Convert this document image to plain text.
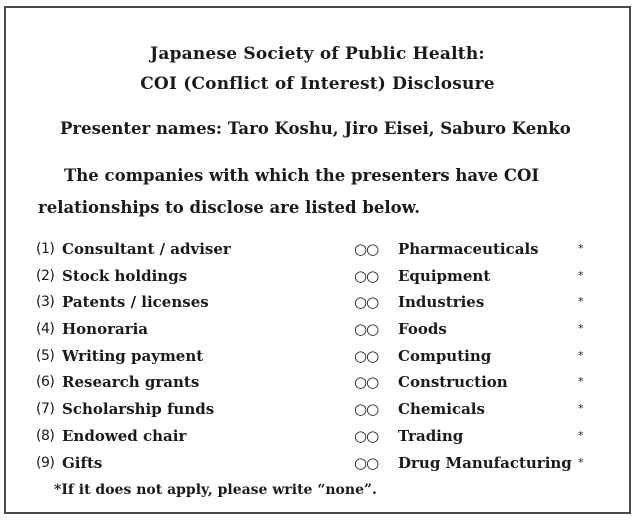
Japanese Society of Public Health:
COI (Conflict of Interest) Disclosure
Presenter names: Taro Koshu, Jiro Eisei, Saburo Kenko
The companies with which the presenters have COI
relationships to disclose are listed below.
(1) Consultant / adviser	○○ Pharmaceuticals	*
(2) Stock holdings	○○ Equipment	*
(3) Patents / licenses	○○ Industries	*
(4) Honoraria	○○ Foods	*
(5) Writing payment	○○ Computing	*
(6) Research grants	○○ Construction	*
(7) Scholarship funds	○○ Chemicals	*
(8) Endowed chair	○○ Trading	*
(9) Gifts	○○ Drug Manufacturing *
*If it does not apply, please write “none”.
